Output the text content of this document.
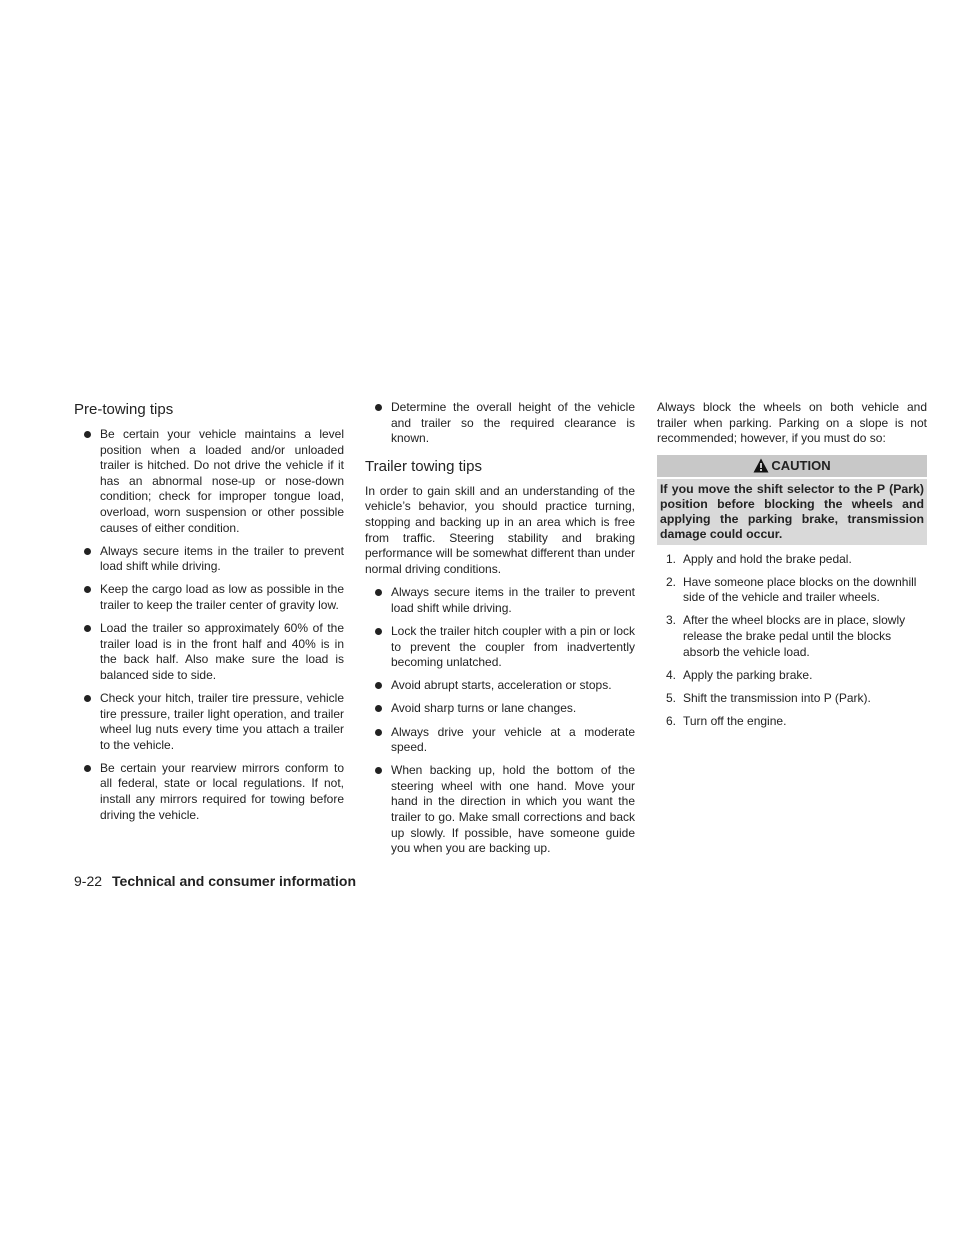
Pre-towing tips
Be certain your vehicle maintains a level position when a loaded and/or unloaded trailer is hitched. Do not drive the vehicle if it has an abnormal nose-up or nose-down condition; check for improper tongue load, overload, worn suspension or other possible causes of either condition.
Always secure items in the trailer to prevent load shift while driving.
Keep the cargo load as low as possible in the trailer to keep the trailer center of gravity low.
Load the trailer so approximately 60% of the trailer load is in the front half and 40% is in the back half. Also make sure the load is balanced side to side.
Check your hitch, trailer tire pressure, vehicle tire pressure, trailer light operation, and trailer wheel lug nuts every time you attach a trailer to the vehicle.
Be certain your rearview mirrors conform to all federal, state or local regulations. If not, install any mirrors required for towing before driving the vehicle.
Determine the overall height of the vehicle and trailer so the required clearance is known.
Trailer towing tips

In order to gain skill and an understanding of the vehicle’s behavior, you should practice turning, stopping and backing up in an area which is free from traffic. Steering stability and braking performance will be somewhat different than under normal driving conditions.

Always secure items in the trailer to prevent load shift while driving.
Lock the trailer hitch coupler with a pin or lock to prevent the coupler from inadvertently becoming unlatched.
Avoid abrupt starts, acceleration or stops.
Avoid sharp turns or lane changes.
Always drive your vehicle at a moderate speed.
When backing up, hold the bottom of the steering wheel with one hand. Move your hand in the direction in which you want the trailer to go. Make small corrections and back up slowly. If possible, have someone guide you when you are backing up.

Always block the wheels on both vehicle and trailer when parking. Parking on a slope is not recommended; however, if you must do so:

CAUTION
If you move the shift selector to the P (Park) position before blocking the wheels and applying the parking brake, transmission damage could occur.
1. Apply and hold the brake pedal.
2. Have someone place blocks on the downhill side of the vehicle and trailer wheels.
3. After the wheel blocks are in place, slowly release the brake pedal until the blocks absorb the vehicle load.
4. Apply the parking brake.
5. Shift the transmission into P (Park).
6. Turn off the engine.
9-22 Technical and consumer information
